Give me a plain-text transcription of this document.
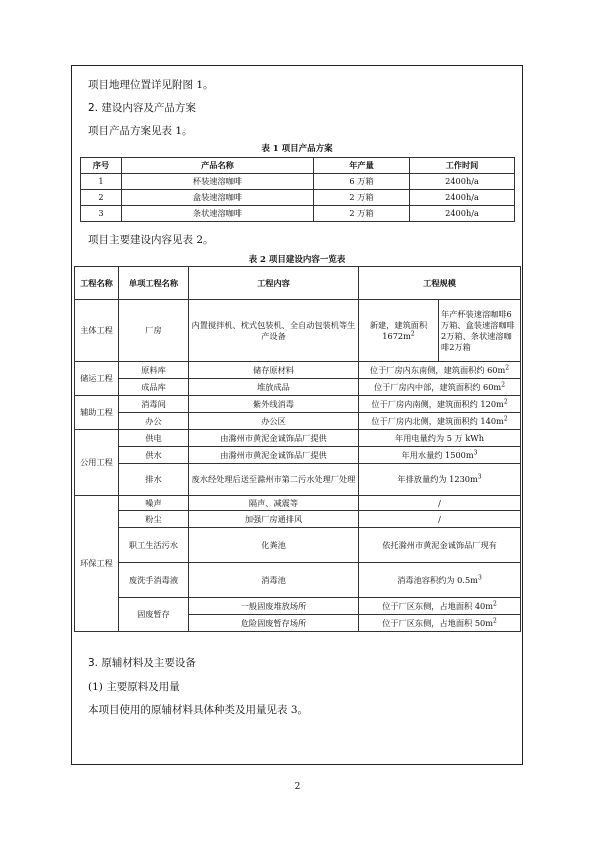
项目地理位置详见附图 1。
2. 建设内容及产品方案
项目产品方案见表 1。
表 1 项目产品方案
序号	产品名称	年产量	工作时间
1	杯装速溶咖啡	6 万箱	2400h/a
2	盒装速溶咖啡	2 万箱	2400h/a
3	条状速溶咖啡	2 万箱	2400h/a
项目主要建设内容见表 2。
表 2 项目建设内容一览表
工程名称	单项工程名称	工程内容	工程规模	
主体工程	厂房	内置搅拌机、枕式包装机、全自动包装机等生产设备	新建，建筑面积 $1672m^2$	年产杯装速溶咖啡6万箱、盒装速溶咖啡2万箱、条状速溶咖啡2万箱
储运工程	原料库	储存原材料	位于厂房内东南侧，建筑面积约 $60m^2$
	成品库	堆放成品	位于厂房内中部，建筑面积约 $60m^2$
辅助工程	消毒间	紫外线消毒	位于厂房内南侧，建筑面积约 $120m^2$
	办公	办公区	位于厂房内北侧，建筑面积约 $140m^2$
公用工程	供电	由滁州市黄泥金诚饰品厂提供	年用电量约为 5 万 kWh	
	供水	由滁州市黄泥金诚饰品厂提供	年用水量约 $1500m^3$
	排水	废水经处理后送至滁州市第二污水处理厂处理	年排放量约为 $1230m^3$
环保工程	噪声	隔声、减震等	/	
	粉尘	加强厂房通排风	/	
	职工生活污水	化粪池	依托滁州市黄泥金诚饰品厂现有	
	废洗手消毒液	消毒池	消毒池容积约为 $0.5m^3$
	固废暂存	一般固废堆放场所	位于厂区东侧，占地面积 $40m^2$
		危险固废暂存场所	位于厂区东侧，占地面积 $50m^2$
3. 原辅材料及主要设备
(1) 主要原料及用量
本项目使用的原辅材料具体种类及用量见表 3。
2
